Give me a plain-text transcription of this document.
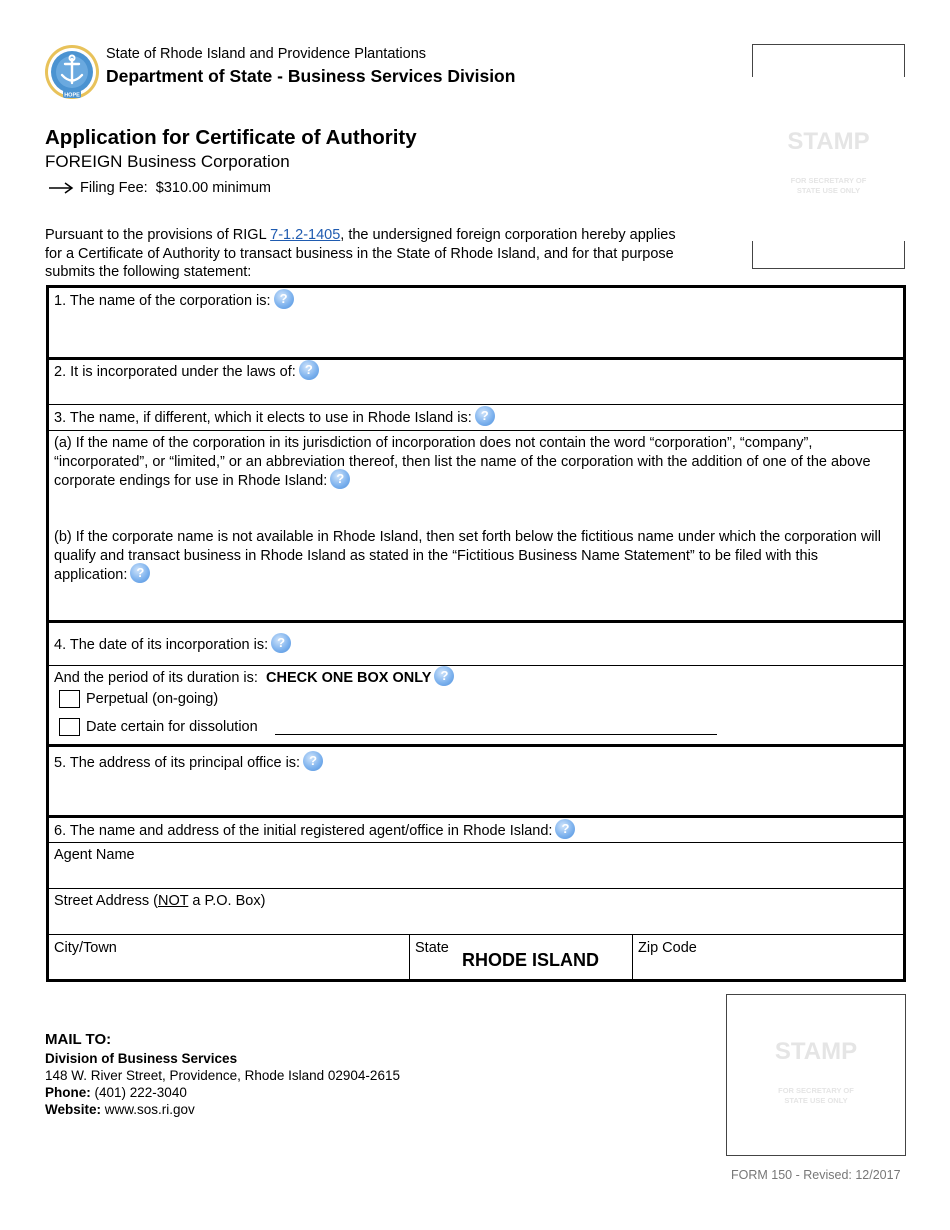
HOPE
State of Rhode Island and Providence Plantations
Department of State - Business Services Division
Application for Certificate of Authority
FOREIGN Business Corporation
Filing Fee:
$310.00 minimum
Pursuant to the provisions of RIGL 7-1.2-1405, the undersigned foreign corporation hereby applies for a Certificate of Authority to transact business in the State of Rhode Island, and for that purpose submits the following statement:
STAMP
FOR SECRETARY OF STATE USE ONLY
1. The name of the corporation is: ?
2. It is incorporated under the laws of: ?
3. The name, if different, which it elects to use in Rhode Island is: ?
(a) If the name of the corporation in its jurisdiction of incorporation does not contain the word “corporation”, “company”, “incorporated”, or “limited,” or an abbreviation thereof, then list the name of the corporation with the addition of one of the above corporate endings for use in Rhode Island: ?
(b) If the corporate name is not available in Rhode Island, then set forth below the fictitious name under which the corporation will qualify and transact business in Rhode Island as stated in the “Fictitious Business Name Statement” to be filed with this application: ?
4. The date of its incorporation is: ?
And the period of its duration is: CHECK ONE BOX ONLY ?
Perpetual (on-going)
Date certain for dissolution
5. The address of its principal office is: ?
6. The name and address of the initial registered agent/office in Rhode Island: ?
Agent Name
Street Address (NOT a P.O. Box)
City/Town	State
RHODE ISLAND
Zip Code
STAMP
FOR SECRETARY OF STATE USE ONLY
MAIL TO:
Division of Business Services
148 W. River Street, Providence, Rhode Island 02904-2615
Phone: (401) 222-3040
Website: www.sos.ri.gov
FORM 150 - Revised: 12/2017
